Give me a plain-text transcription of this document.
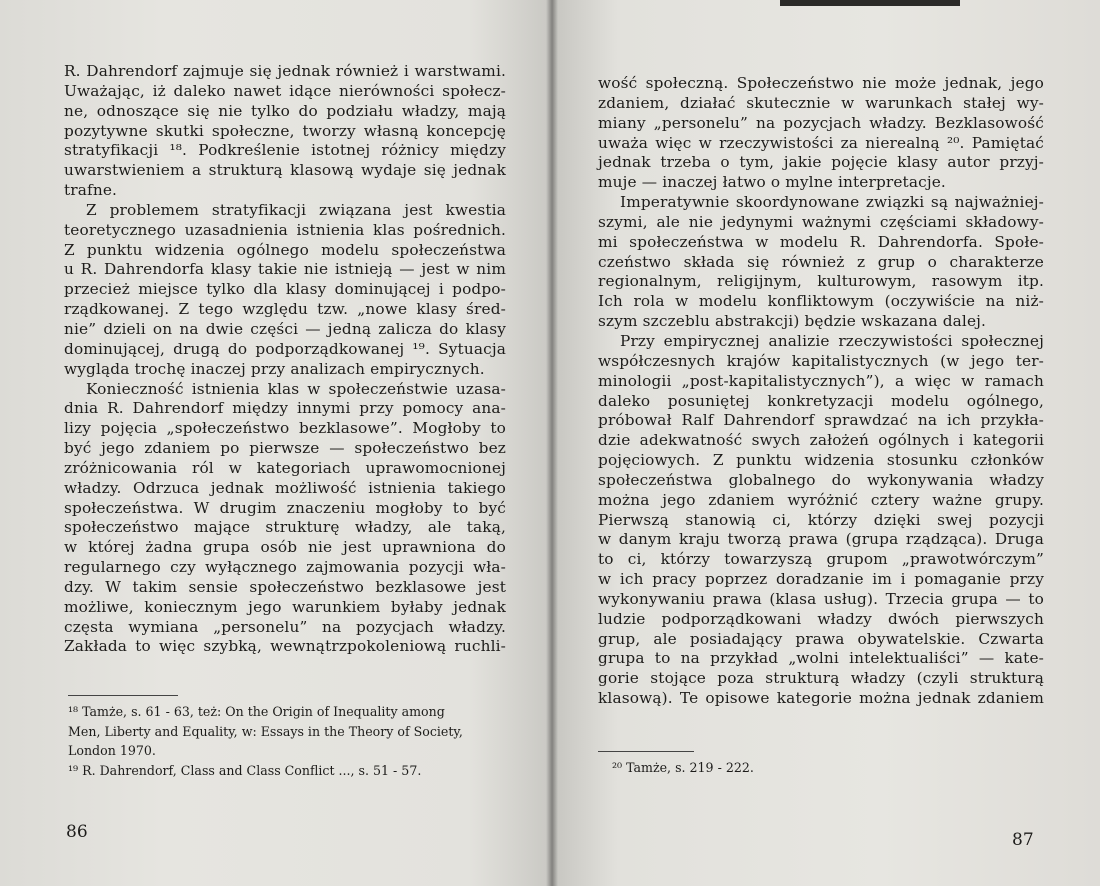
R. Dahrendorf zajmuje się jednak również i warstwami.
Uważając, iż daleko nawet idące nierówności społecz-
ne, odnoszące się nie tylko do podziału władzy, mają
pozytywne skutki społeczne, tworzy własną koncepcję
stratyfikacji ¹⁸. Podkreślenie istotnej różnicy między
uwarstwieniem a strukturą klasową wydaje się jednak
trafne.
Z problemem stratyfikacji związana jest kwestia
teoretycznego uzasadnienia istnienia klas pośrednich.
Z punktu widzenia ogólnego modelu społeczeństwa
u R. Dahrendorfa klasy takie nie istnieją — jest w nim
przecież miejsce tylko dla klasy dominującej i podpo-
rządkowanej. Z tego względu tzw. „nowe klasy śred-
nie” dzieli on na dwie części — jedną zalicza do klasy
dominującej, drugą do podporządkowanej ¹⁹. Sytuacja
wygląda trochę inaczej przy analizach empirycznych.
Konieczność istnienia klas w społeczeństwie uzasa-
dnia R. Dahrendorf między innymi przy pomocy ana-
lizy pojęcia „społeczeństwo bezklasowe”. Mogłoby to
być jego zdaniem po pierwsze — społeczeństwo bez
zróżnicowania ról w kategoriach uprawomocnionej
władzy. Odrzuca jednak możliwość istnienia takiego
społeczeństwa. W drugim znaczeniu mogłoby to być
społeczeństwo mające strukturę władzy, ale taką,
w której żadna grupa osób nie jest uprawniona do
regularnego czy wyłącznego zajmowania pozycji wła-
dzy. W takim sensie społeczeństwo bezklasowe jest
możliwe, koniecznym jego warunkiem byłaby jednak
częsta wymiana „personelu” na pozycjach władzy.
Zakłada to więc szybką, wewnątrzpokoleniową ruchli-
¹⁸ Tamże, s. 61 - 63, też: On the Origin of Inequality among
Men, Liberty and Equality, w: Essays in the Theory of Society,
London 1970.
¹⁹ R. Dahrendorf, Class and Class Conflict ..., s. 51 - 57.
86
wość społeczną. Społeczeństwo nie może jednak, jego
zdaniem, działać skutecznie w warunkach stałej wy-
miany „personelu” na pozycjach władzy. Bezklasowość
uważa więc w rzeczywistości za nierealną ²⁰. Pamiętać
jednak trzeba o tym, jakie pojęcie klasy autor przyj-
muje — inaczej łatwo o mylne interpretacje.
Imperatywnie skoordynowane związki są najważniej-
szymi, ale nie jedynymi ważnymi częściami składowy-
mi społeczeństwa w modelu R. Dahrendorfa. Społe-
czeństwo składa się również z grup o charakterze
regionalnym, religijnym, kulturowym, rasowym itp.
Ich rola w modelu konfliktowym (oczywiście na niż-
szym szczeblu abstrakcji) będzie wskazana dalej.
Przy empirycznej analizie rzeczywistości społecznej
współczesnych krajów kapitalistycznych (w jego ter-
minologii „post-kapitalistycznych”), a więc w ramach
daleko posuniętej konkretyzacji modelu ogólnego,
próbował Ralf Dahrendorf sprawdzać na ich przykła-
dzie adekwatność swych założeń ogólnych i kategorii
pojęciowych. Z punktu widzenia stosunku członków
społeczeństwa globalnego do wykonywania władzy
można jego zdaniem wyróżnić cztery ważne grupy.
Pierwszą stanowią ci, którzy dzięki swej pozycji
w danym kraju tworzą prawa (grupa rządząca). Druga
to ci, którzy towarzyszą grupom „prawotwórczym”
w ich pracy poprzez doradzanie im i pomaganie przy
wykonywaniu prawa (klasa usług). Trzecia grupa — to
ludzie podporządkowani władzy dwóch pierwszych
grup, ale posiadający prawa obywatelskie. Czwarta
grupa to na przykład „wolni intelektualiści” — kate-
gorie stojące poza strukturą władzy (czyli strukturą
klasową). Te opisowe kategorie można jednak zdaniem
²⁰ Tamże, s. 219 - 222.
87
